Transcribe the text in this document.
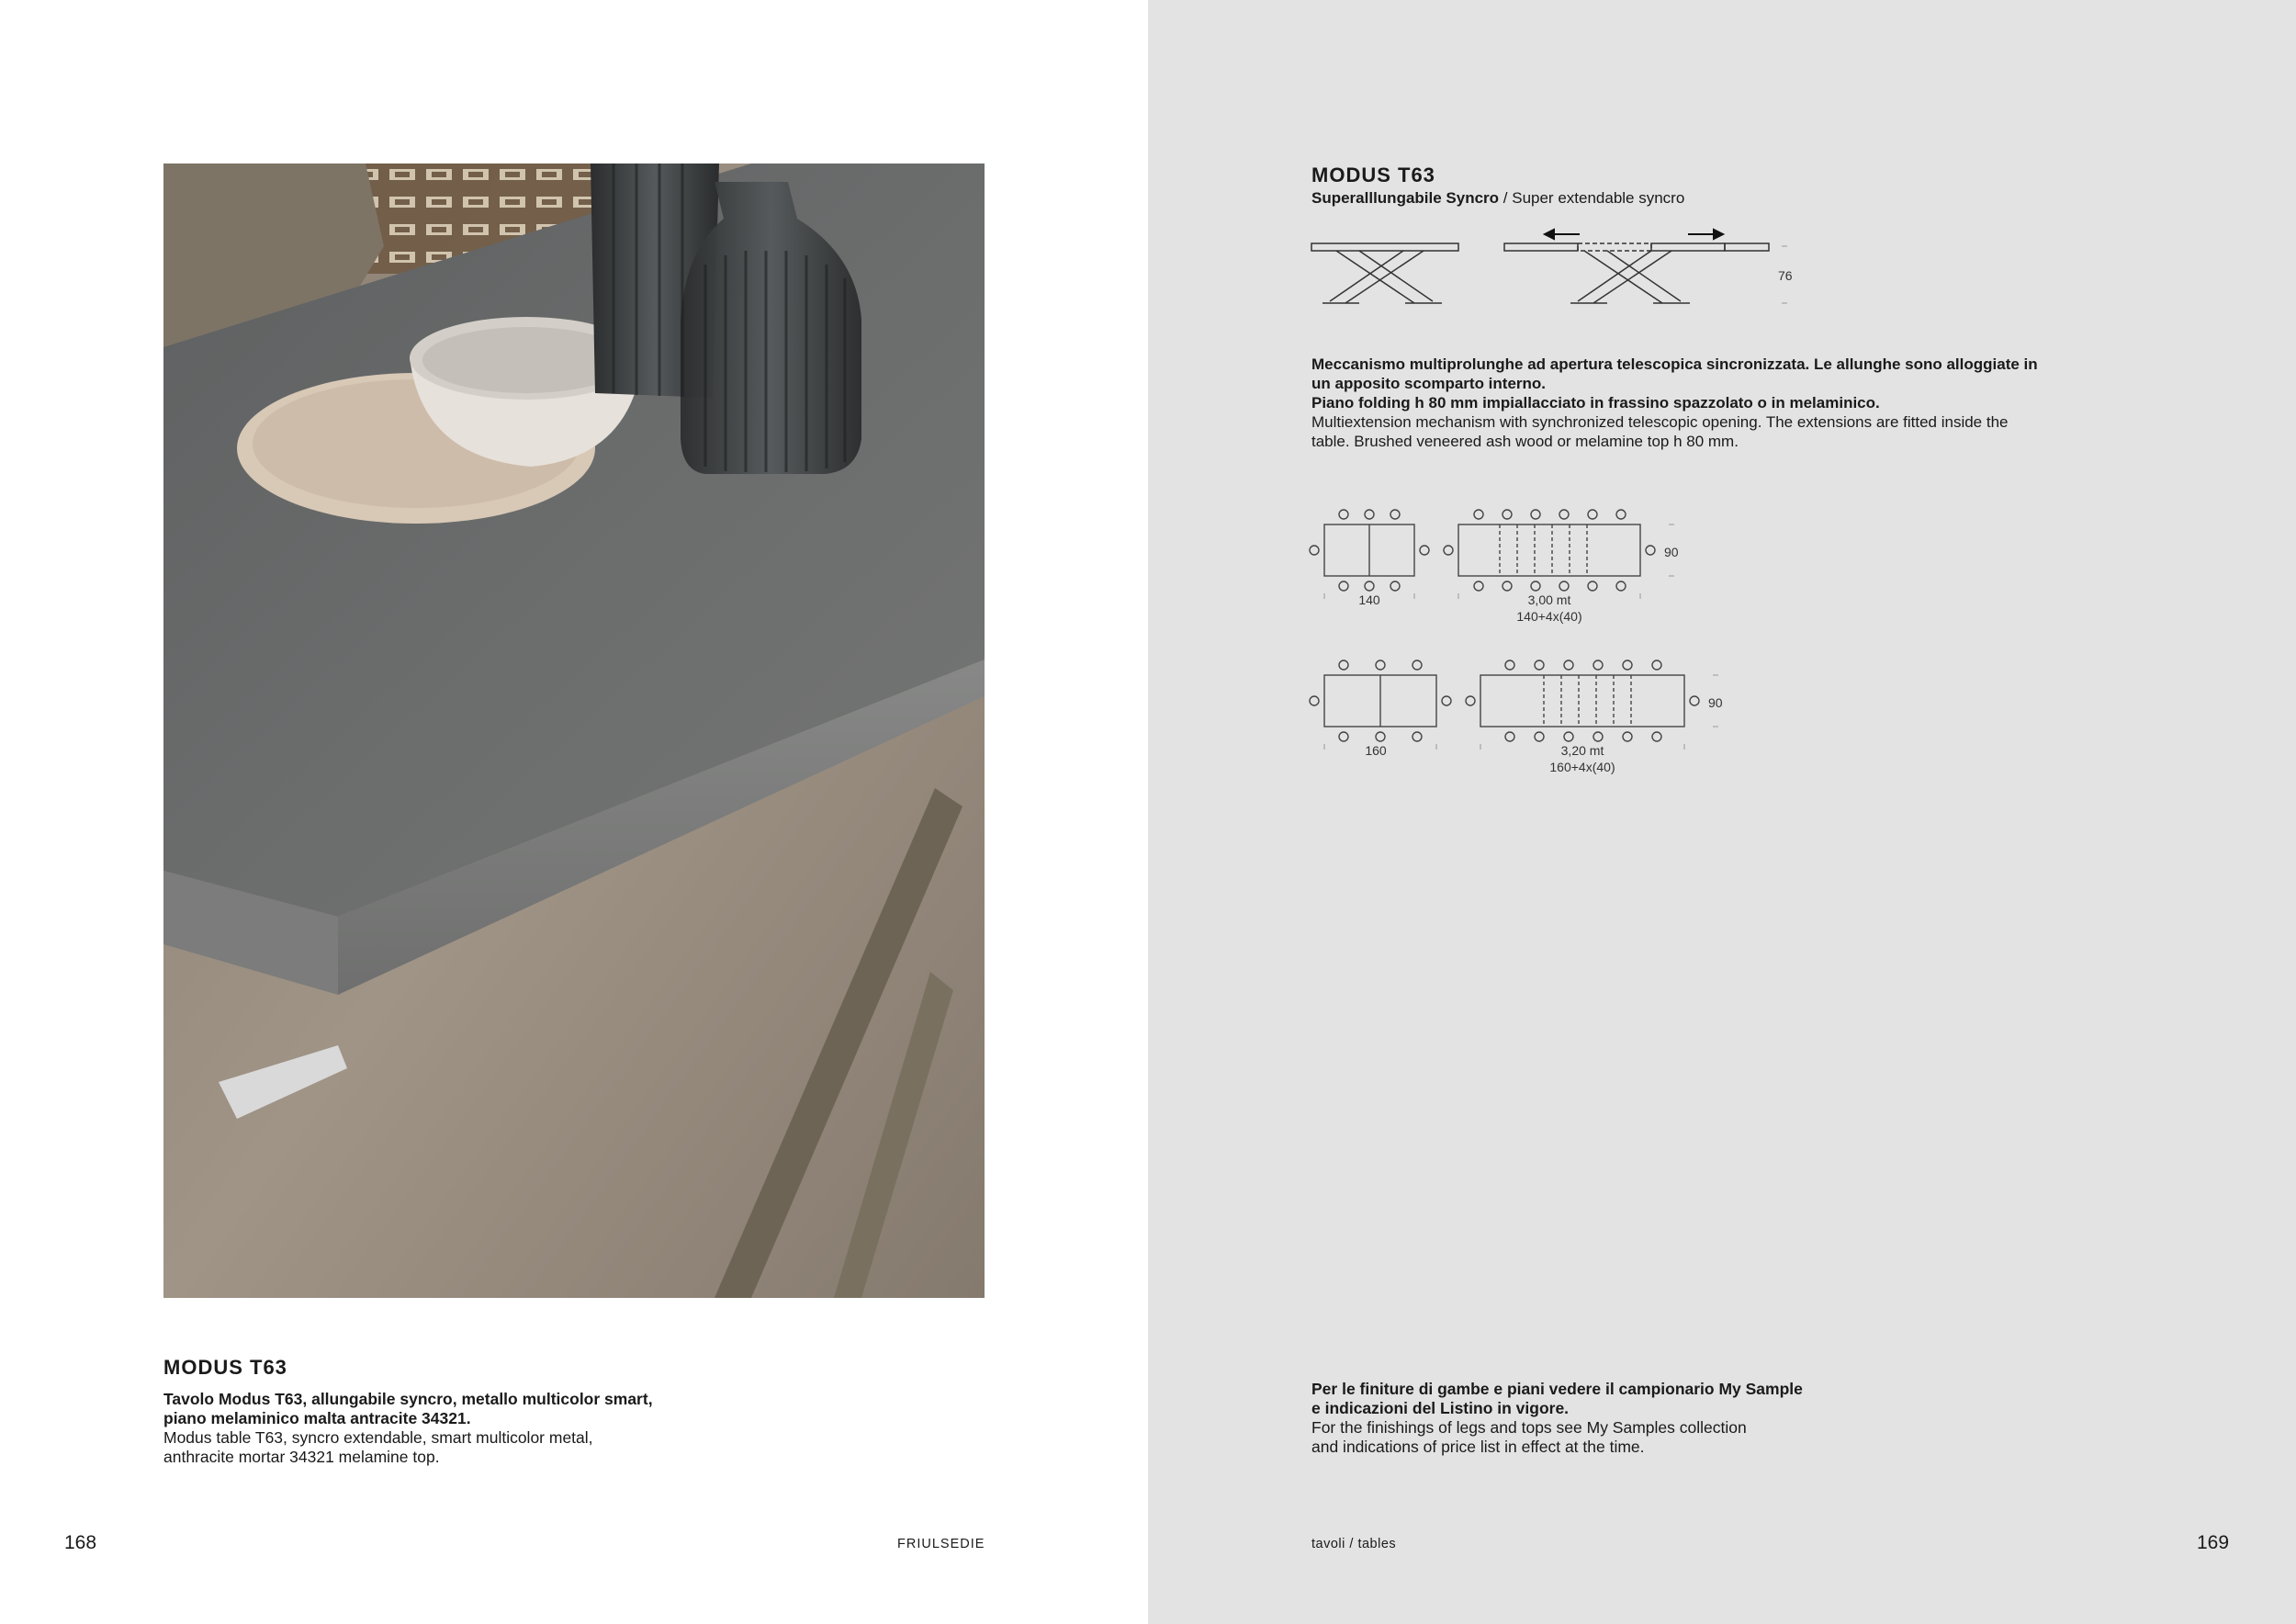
MODUS T63
Tavolo Modus T63, allungabile syncro, metallo multicolor smart,
piano melaminico malta antracite 34321.
Modus table T63, syncro extendable, smart multicolor metal,
anthracite mortar 34321 melamine top.
168	FRIULSEDIE
MODUS T63
Superalllungabile Syncro / Super extendable syncro
76
Meccanismo multiprolunghe ad apertura telescopica sincronizzata. Le allunghe sono alloggiate in
un apposito scomparto interno.
Piano folding h 80 mm impiallacciato in frassino spazzolato o in melaminico.
Multiextension mechanism with synchronized telescopic opening. The extensions are fitted inside the
table. Brushed veneered ash wood or melamine top h 80 mm.
140	3,00 mt
140+4x(40)
90
160	3,20 mt
160+4x(40)
90
Per le finiture di gambe e piani vedere il campionario My Sample
e indicazioni del Listino in vigore.
For the finishings of legs and tops see My Samples collection
and indications of price list in effect at the time.
tavoli / tables	169
